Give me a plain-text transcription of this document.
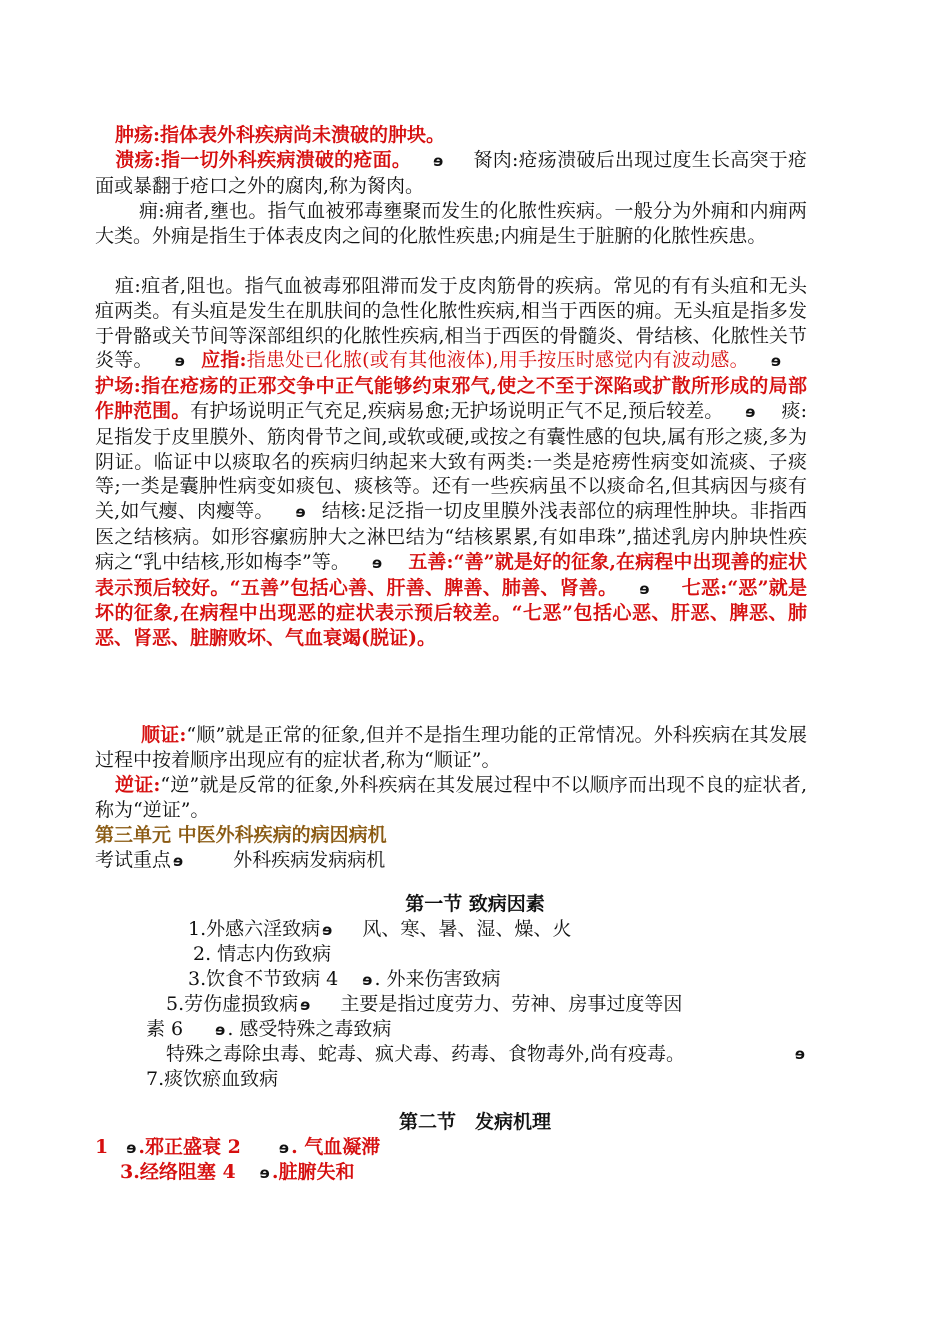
肿疡:指体表外科疾病尚未溃破的肿块。
溃疡:指一切外科疾病溃破的疮面。 ɘ 胬肉:疮疡溃破后出现过度生长高突于疮面或暴翻于疮口之外的腐肉,称为胬肉。

痈:痈者,壅也。指气血被邪毒壅聚而发生的化脓性疾病。一般分为外痈和内痈两大类。外痈是指生于体表皮肉之间的化脓性疾患;内痈是生于脏腑的化脓性疾患。

疽:疽者,阻也。指气血被毒邪阻滞而发于皮肉筋骨的疾病。常见的有有头疽和无头疽两类。有头疽是发生在肌肤间的急性化脓性疾病,相当于西医的痈。无头疽是指多发于骨骼或关节间等深部组织的化脓性疾病,相当于西医的骨髓炎、骨结核、化脓性关节炎等。 ɘ 应指:指患处已化脓(或有其他液体),用手按压时感觉内有波动感。 ɘ护场:指在疮疡的正邪交争中正气能够约束邪气,使之不至于深陷或扩散所形成的局部作肿范围。有护场说明正气充足,疾病易愈;无护场说明正气不足,预后较差。 ɘ 痰:足指发于皮里膜外、筋肉骨节之间,或软或硬,或按之有囊性感的包块,属有形之痰,多为阴证。临证中以痰取名的疾病归纳起来大致有两类:一类是疮痨性病变如流痰、子痰等;一类是囊肿性病变如痰包、痰核等。还有一些疾病虽不以痰命名,但其病因与痰有关,如气瘿、肉瘿等。 ɘ 结核:足泛指一切皮里膜外浅表部位的病理性肿块。非指西医之结核病。如形容瘰疬肿大之淋巴结为“结核累累,有如串珠”,描述乳房内肿块性疾病之“乳中结核,形如梅李”等。 ɘ 五善:“善”就是好的征象,在病程中出现善的症状表示预后较好。“五善”包括心善、肝善、脾善、肺善、肾善。 ɘ 七恶:“恶”就是坏的征象,在病程中出现恶的症状表示预后较差。“七恶”包括心恶、肝恶、脾恶、肺恶、肾恶、脏腑败坏、气血衰竭(脱证)。

顺证:“顺”就是正常的征象,但并不是指生理功能的正常情况。外科疾病在其发展过程中按着顺序出现应有的症状者,称为“顺证”。

逆证:“逆”就是反常的征象,外科疾病在其发展过程中不以顺序而出现不良的症状者,称为“逆证”。

第三单元 中医外科疾病的病因病机
考试重点 ɘ	外科疾病发病病机
第一节 致病因素
1.外感六淫致病 ɘ 风、寒、暑、湿、燥、火
2. 情志内伤致病
3.饮食不节致病 4 ɘ . 外来伤害致病
5.劳伤虚损致病 ɘ 主要是指过度劳力、劳神、房事过度等因
素 6 ɘ . 感受特殊之毒致病
特殊之毒除虫毒、蛇毒、疯犬毒、药毒、食物毒外,尚有疫毒。	ɘ
7.痰饮瘀血致病
第二节　发病机理
1 ɘ .邪正盛衰 2	ɘ . 气血凝滞
3.经络阻塞 4 ɘ .脏腑失和
